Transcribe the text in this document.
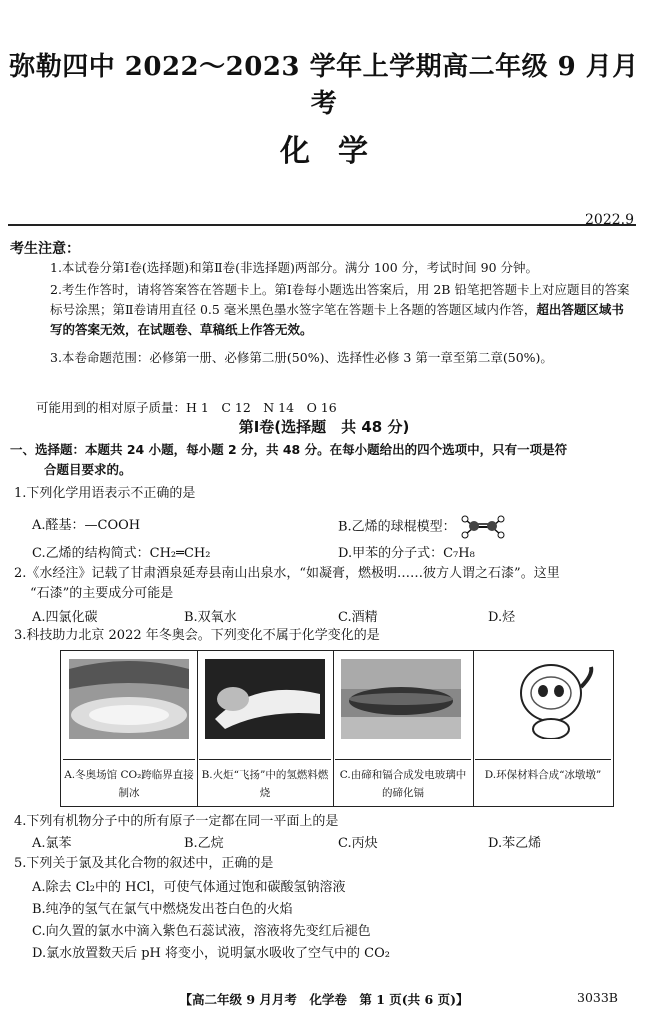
弥勒四中 2022～2023 学年上学期高二年级 9 月月考
化学
2022.9
考生注意：
1.本试卷分第Ⅰ卷(选择题)和第Ⅱ卷(非选择题)两部分。满分 100 分，考试时间 90 分钟。
2.考生作答时，请将答案答在答题卡上。第Ⅰ卷每小题选出答案后，用 2B 铅笔把答题卡上对应题目的答案标号涂黑；第Ⅱ卷请用直径 0.5 毫米黑色墨水签字笔在答题卡上各题的答题区域内作答，超出答题区域书写的答案无效，在试题卷、草稿纸上作答无效。
3.本卷命题范围：必修第一册、必修第二册(50%)、选择性必修 3 第一章至第二章(50%)。
可能用到的相对原子质量：H 1　C 12　N 14　O 16
第Ⅰ卷(选择题　共 48 分)
一、选择题：本题共 24 小题，每小题 2 分，共 48 分。在每小题给出的四个选项中，只有一项是符
合题目要求的。
1.下列化学用语表示不正确的是
A.醛基：—COOH	B.乙烯的球棍模型：
C.乙烯的结构简式：CH₂═CH₂	D.甲苯的分子式：C₇H₈
2.《水经注》记载了甘肃酒泉延寿县南山出泉水，“如凝膏，燃极明……彼方人谓之石漆”。这里
“石漆”的主要成分可能是
A.四氯化碳	B.双氧水	C.酒精	D.烃
3.科技助力北京 2022 年冬奥会。下列变化不属于化学变化的是
A.冬奥场馆 CO₂跨临界直接制冰
B.火炬“飞扬”中的氢燃料燃烧
C.由碲和镉合成发电玻璃中的碲化镉
D.环保材料合成“冰墩墩”
4.下列有机物分子中的所有原子一定都在同一平面上的是
A.氯苯	B.乙烷	C.丙炔	D.苯乙烯
5.下列关于氯及其化合物的叙述中，正确的是
A.除去 Cl₂中的 HCl，可使气体通过饱和碳酸氢钠溶液
B.纯净的氢气在氯气中燃烧发出苍白色的火焰
C.向久置的氯水中滴入紫色石蕊试液，溶液将先变红后褪色
D.氯水放置数天后 pH 将变小，说明氯水吸收了空气中的 CO₂
【高二年级 9 月月考　化学卷　第 1 页(共 6 页)】	3033B
